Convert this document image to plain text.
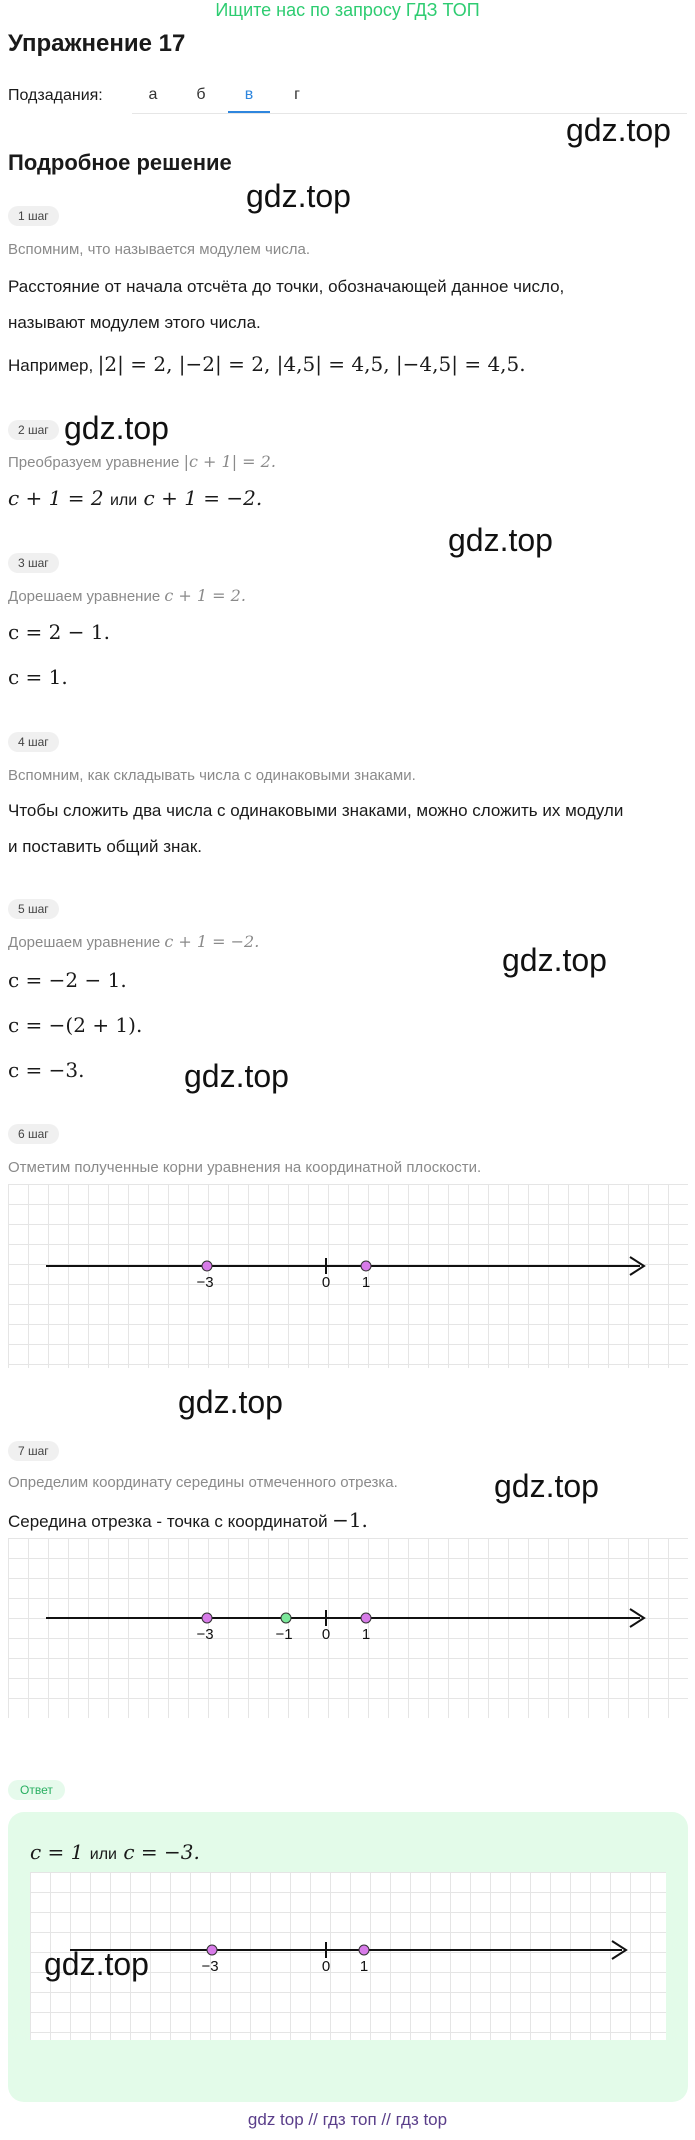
Ищите нас по запросу ГДЗ ТОП
Упражнение 17
Подзадания:	а	б	в	г
gdz.top
gdz.top
gdz.top
gdz.top
gdz.top
gdz.top
gdz.top
gdz.top
Подробное решение
1 шаг
Вспомним, что называется модулем числа.
Расстояние от начала отсчёта до точки, обозначающей данное число,
называют модулем этого числа.
Например, |2| = 2, |−2| = 2, |4,5| = 4,5, |−4,5| = 4,5.
2 шаг
Преобразуем уравнение |c + 1| = 2.
c + 1 = 2 или c + 1 = −2.
3 шаг
Дорешаем уравнение c + 1 = 2.
c = 2 − 1.
c = 1.
4 шаг
Вспомним, как складывать числа с одинаковыми знаками.
Чтобы сложить два числа с одинаковыми знаками, можно сложить их модули
и поставить общий знак.
5 шаг
Дорешаем уравнение c + 1 = −2.
c = −2 − 1.
c = −(2 + 1).
c = −3.
6 шаг
Отметим полученные корни уравнения на координатной плоскости.
−3	0 1
7 шаг
Определим координату середины отмеченного отрезка.
Середина отрезка - точка с координатой −1.
−3	−1 0 1
Ответ
c = 1 или c = −3.
−3	0 1
gdz.top
gdz top // гдз топ // гдз top
